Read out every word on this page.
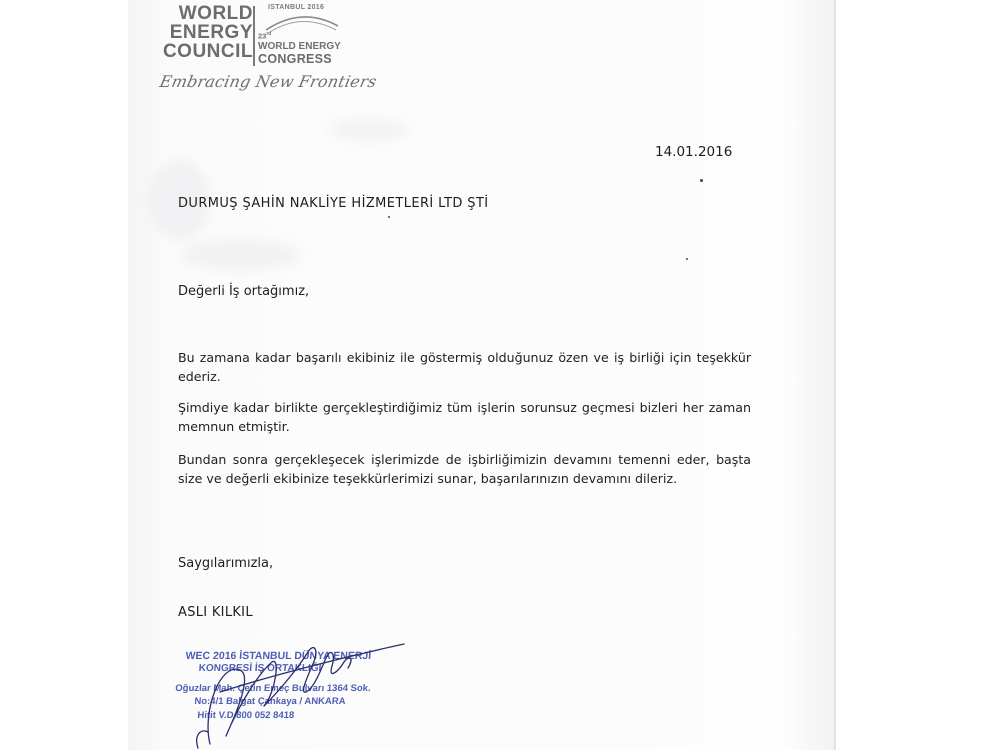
WORLD
ENERGY
COUNCIL
ISTANBUL 2016
23rd
WORLD ENERGY
CONGRESS
Embracing New Frontiers
14.01.2016
DURMUŞ ŞAHİN NAKLİYE HİZMETLERİ LTD ŞTİ
Değerli İş ortağımız,
Bu zamana kadar başarılı ekibiniz ile göstermiş olduğunuz özen ve iş birliği için teşekkür ederiz.
Şimdiye kadar birlikte gerçekleştirdiğimiz tüm işlerin sorunsuz geçmesi bizleri her zaman memnun etmiştir.
Bundan sonra gerçekleşecek işlerimizde de işbirliğimizin devamını temenni eder, başta size ve değerli ekibinize teşekkürlerimizi sunar, başarılarınızın devamını dileriz.
Saygılarımızla,
ASLI KILKIL
WEC 2016 İSTANBUL DÜNYA ENERJİ
KONGRESİ İŞ ORTAKLIĞI
Oğuzlar Mah. Çetin Emeç Bulvarı 1364 Sok.
No:4/1 Balgat Çankaya / ANKARA
Hitit V.D.800 052 8418
